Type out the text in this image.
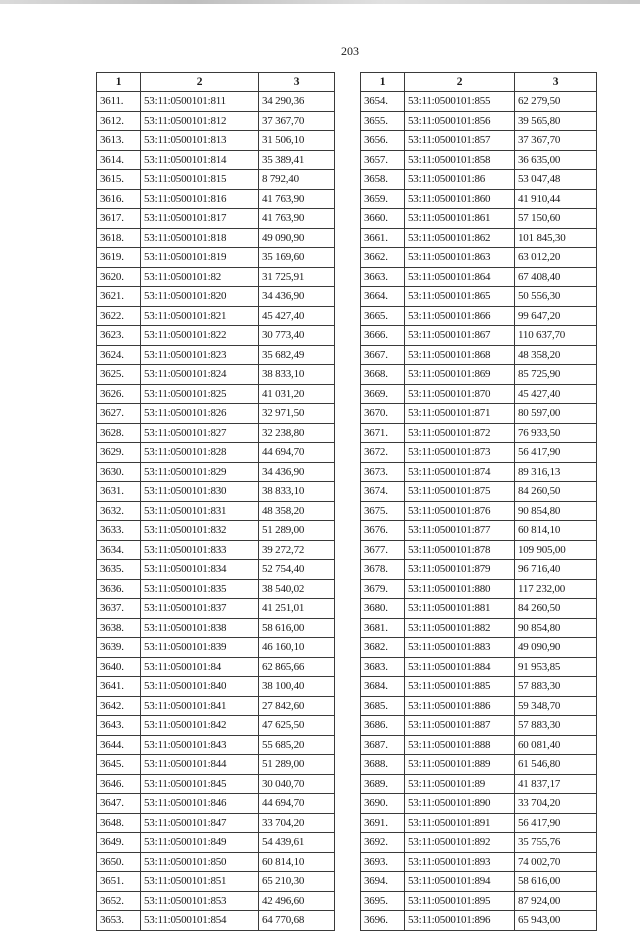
203
1	2	3
3611.	53:11:0500101:811	34 290,36
3612.	53:11:0500101:812	37 367,70
3613.	53:11:0500101:813	31 506,10
3614.	53:11:0500101:814	35 389,41
3615.	53:11:0500101:815	8 792,40
3616.	53:11:0500101:816	41 763,90
3617.	53:11:0500101:817	41 763,90
3618.	53:11:0500101:818	49 090,90
3619.	53:11:0500101:819	35 169,60
3620.	53:11:0500101:82	31 725,91
3621.	53:11:0500101:820	34 436,90
3622.	53:11:0500101:821	45 427,40
3623.	53:11:0500101:822	30 773,40
3624.	53:11:0500101:823	35 682,49
3625.	53:11:0500101:824	38 833,10
3626.	53:11:0500101:825	41 031,20
3627.	53:11:0500101:826	32 971,50
3628.	53:11:0500101:827	32 238,80
3629.	53:11:0500101:828	44 694,70
3630.	53:11:0500101:829	34 436,90
3631.	53:11:0500101:830	38 833,10
3632.	53:11:0500101:831	48 358,20
3633.	53:11:0500101:832	51 289,00
3634.	53:11:0500101:833	39 272,72
3635.	53:11:0500101:834	52 754,40
3636.	53:11:0500101:835	38 540,02
3637.	53:11:0500101:837	41 251,01
3638.	53:11:0500101:838	58 616,00
3639.	53:11:0500101:839	46 160,10
3640.	53:11:0500101:84	62 865,66
3641.	53:11:0500101:840	38 100,40
3642.	53:11:0500101:841	27 842,60
3643.	53:11:0500101:842	47 625,50
3644.	53:11:0500101:843	55 685,20
3645.	53:11:0500101:844	51 289,00
3646.	53:11:0500101:845	30 040,70
3647.	53:11:0500101:846	44 694,70
3648.	53:11:0500101:847	33 704,20
3649.	53:11:0500101:849	54 439,61
3650.	53:11:0500101:850	60 814,10
3651.	53:11:0500101:851	65 210,30
3652.	53:11:0500101:853	42 496,60
3653.	53:11:0500101:854	64 770,68
1	2	3
3654.	53:11:0500101:855	62 279,50
3655.	53:11:0500101:856	39 565,80
3656.	53:11:0500101:857	37 367,70
3657.	53:11:0500101:858	36 635,00
3658.	53:11:0500101:86	53 047,48
3659.	53:11:0500101:860	41 910,44
3660.	53:11:0500101:861	57 150,60
3661.	53:11:0500101:862	101 845,30
3662.	53:11:0500101:863	63 012,20
3663.	53:11:0500101:864	67 408,40
3664.	53:11:0500101:865	50 556,30
3665.	53:11:0500101:866	99 647,20
3666.	53:11:0500101:867	110 637,70
3667.	53:11:0500101:868	48 358,20
3668.	53:11:0500101:869	85 725,90
3669.	53:11:0500101:870	45 427,40
3670.	53:11:0500101:871	80 597,00
3671.	53:11:0500101:872	76 933,50
3672.	53:11:0500101:873	56 417,90
3673.	53:11:0500101:874	89 316,13
3674.	53:11:0500101:875	84 260,50
3675.	53:11:0500101:876	90 854,80
3676.	53:11:0500101:877	60 814,10
3677.	53:11:0500101:878	109 905,00
3678.	53:11:0500101:879	96 716,40
3679.	53:11:0500101:880	117 232,00
3680.	53:11:0500101:881	84 260,50
3681.	53:11:0500101:882	90 854,80
3682.	53:11:0500101:883	49 090,90
3683.	53:11:0500101:884	91 953,85
3684.	53:11:0500101:885	57 883,30
3685.	53:11:0500101:886	59 348,70
3686.	53:11:0500101:887	57 883,30
3687.	53:11:0500101:888	60 081,40
3688.	53:11:0500101:889	61 546,80
3689.	53:11:0500101:89	41 837,17
3690.	53:11:0500101:890	33 704,20
3691.	53:11:0500101:891	56 417,90
3692.	53:11:0500101:892	35 755,76
3693.	53:11:0500101:893	74 002,70
3694.	53:11:0500101:894	58 616,00
3695.	53:11:0500101:895	87 924,00
3696.	53:11:0500101:896	65 943,00
